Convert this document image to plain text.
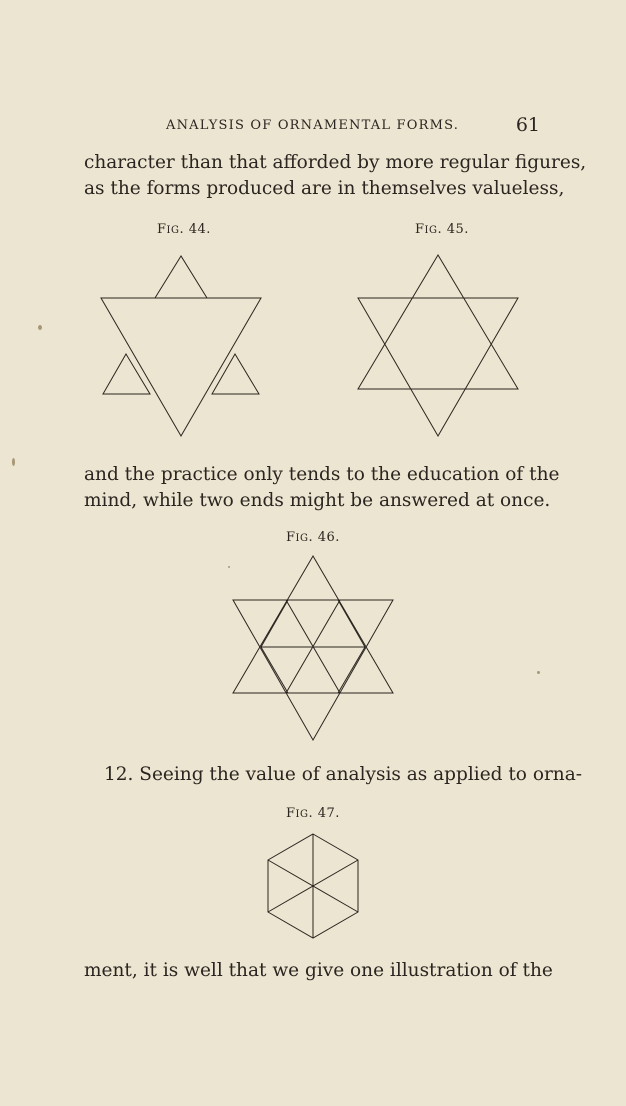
ANALYSIS OF ORNAMENTAL FORMS.	61
character than that afforded by more regular figures,
as the forms produced are in themselves valueless,
FIG. 44.	FIG. 45.
and the practice only tends to the education of the
mind, while two ends might be answered at once.
FIG. 46.
12. Seeing the value of analysis as applied to orna-
FIG. 47.
ment, it is well that we give one illustration of the
